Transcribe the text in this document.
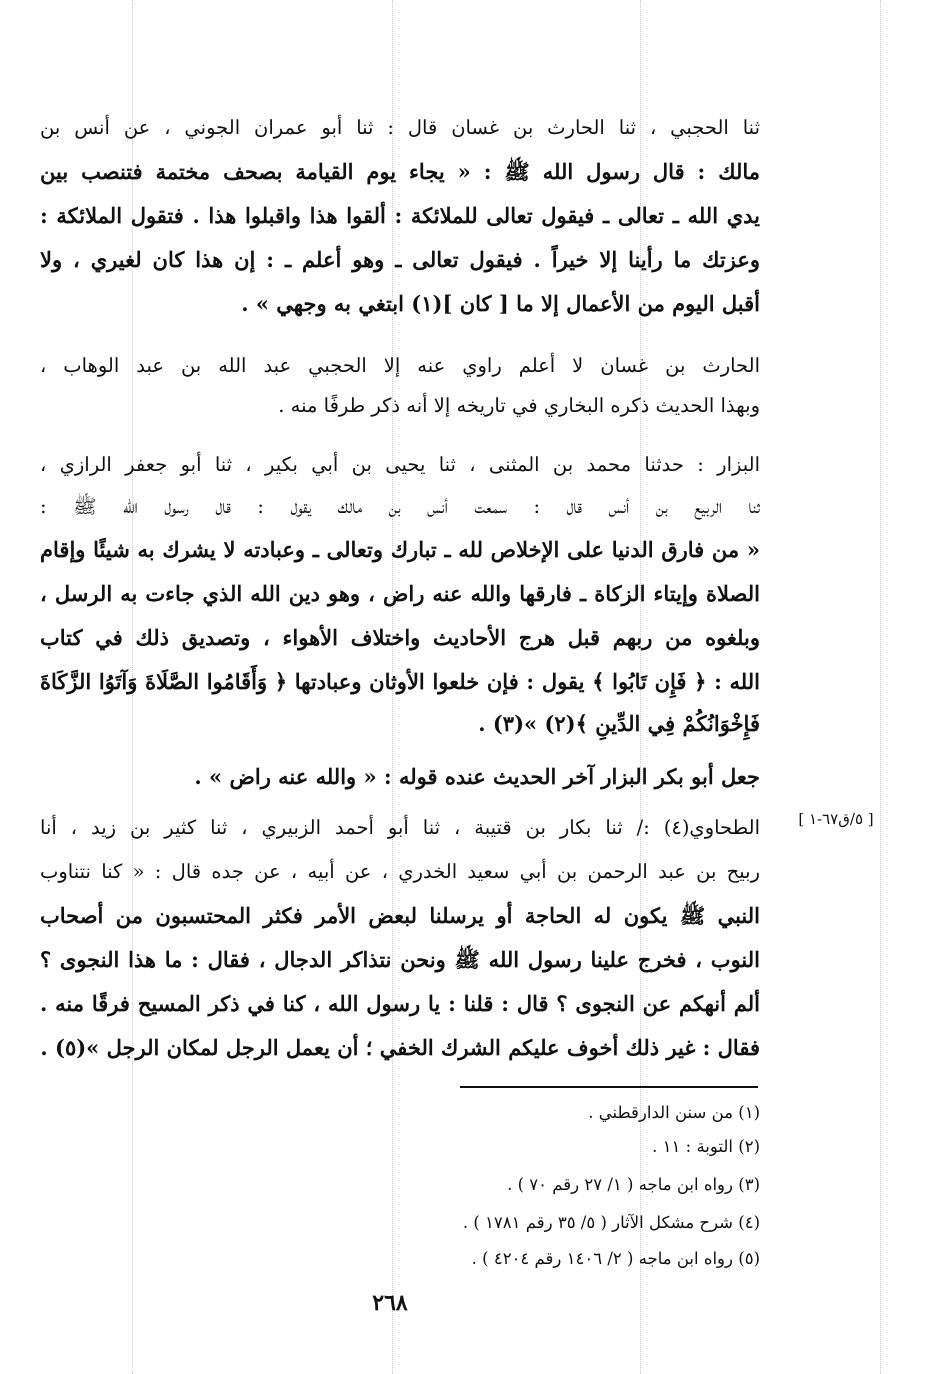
ثنا الحجبي ، ثنا الحارث بن غسان قال : ثنا أبو عمران الجوني ، عن أنس بن
مالك : قال رسول الله ﷺ : « يجاء يوم القيامة بصحف مختمة فتنصب بين
يدي الله ـ تعالى ـ فيقول تعالى للملائكة : ألقوا هذا واقبلوا هذا . فتقول الملائكة :
وعزتك ما رأينا إلا خيراً . فيقول تعالى ـ وهو أعلم ـ : إن هذا كان لغيري ، ولا
أقبل اليوم من الأعمال إلا ما [ كان ](١) ابتغي به وجهي » .
الحارث بن غسان لا أعلم راوي عنه إلا الحجبي عبد الله بن عبد الوهاب ،
وبهذا الحديث ذكره البخاري في تاريخه إلا أنه ذكر طرفًا منه .
البزار : حدثنا محمد بن المثنى ، ثنا يحيى بن أبي بكير ، ثنا أبو جعفر الرازي ،
ثنا الربيع بن أنس قال : سمعت أنس بن مالك يقول : قال رسول الله ﷺ :
« من فارق الدنيا على الإخلاص لله ـ تبارك وتعالى ـ وعبادته لا يشرك به شيئًا وإقام
الصلاة وإيتاء الزكاة ـ فارقها والله عنه راض ، وهو دين الله الذي جاءت به الرسل ،
وبلغوه من ربهم قبل هرج الأحاديث واختلاف الأهواء ، وتصديق ذلك في كتاب
الله : ﴿ فَإِن تَابُوا ﴾ يقول : فإن خلعوا الأوثان وعبادتها ﴿ وَأَقَامُوا الصَّلَاةَ وَآتَوُا الزَّكَاةَ
فَإِخْوَانُكُمْ فِي الدِّينِ ﴾(٢) »(٣) .
جعل أبو بكر البزار آخر الحديث عنده قوله : « والله عنه راض » .
[ ٥/ق٦٧-١ ]
الطحاوي(٤) :/ ثنا بكار بن قتيبة ، ثنا أبو أحمد الزبيري ، ثنا كثير بن زيد ، أنا
ربيح بن عبد الرحمن بن أبي سعيد الخدري ، عن أبيه ، عن جده قال : « كنا نتناوب
النبي ﷺ يكون له الحاجة أو يرسلنا لبعض الأمر فكثر المحتسبون من أصحاب
النوب ، فخرج علينا رسول الله ﷺ ونحن نتذاكر الدجال ، فقال : ما هذا النجوى ؟
ألم أنهكم عن النجوى ؟ قال : قلنا : يا رسول الله ، كنا في ذكر المسيح فرقًا منه .
فقال : غير ذلك أخوف عليكم الشرك الخفي ؛ أن يعمل الرجل لمكان الرجل »(٥) .
(١) من سنن الدارقطني .
(٢) التوبة : ١١ .
(٣) رواه ابن ماجه ( ١/ ٢٧ رقم ٧٠ ) .
(٤) شرح مشكل الآثار ( ٥/ ٣٥ رقم ١٧٨١ ) .
(٥) رواه ابن ماجه ( ٢/ ١٤٠٦ رقم ٤٢٠٤ ) .
٢٦٨
